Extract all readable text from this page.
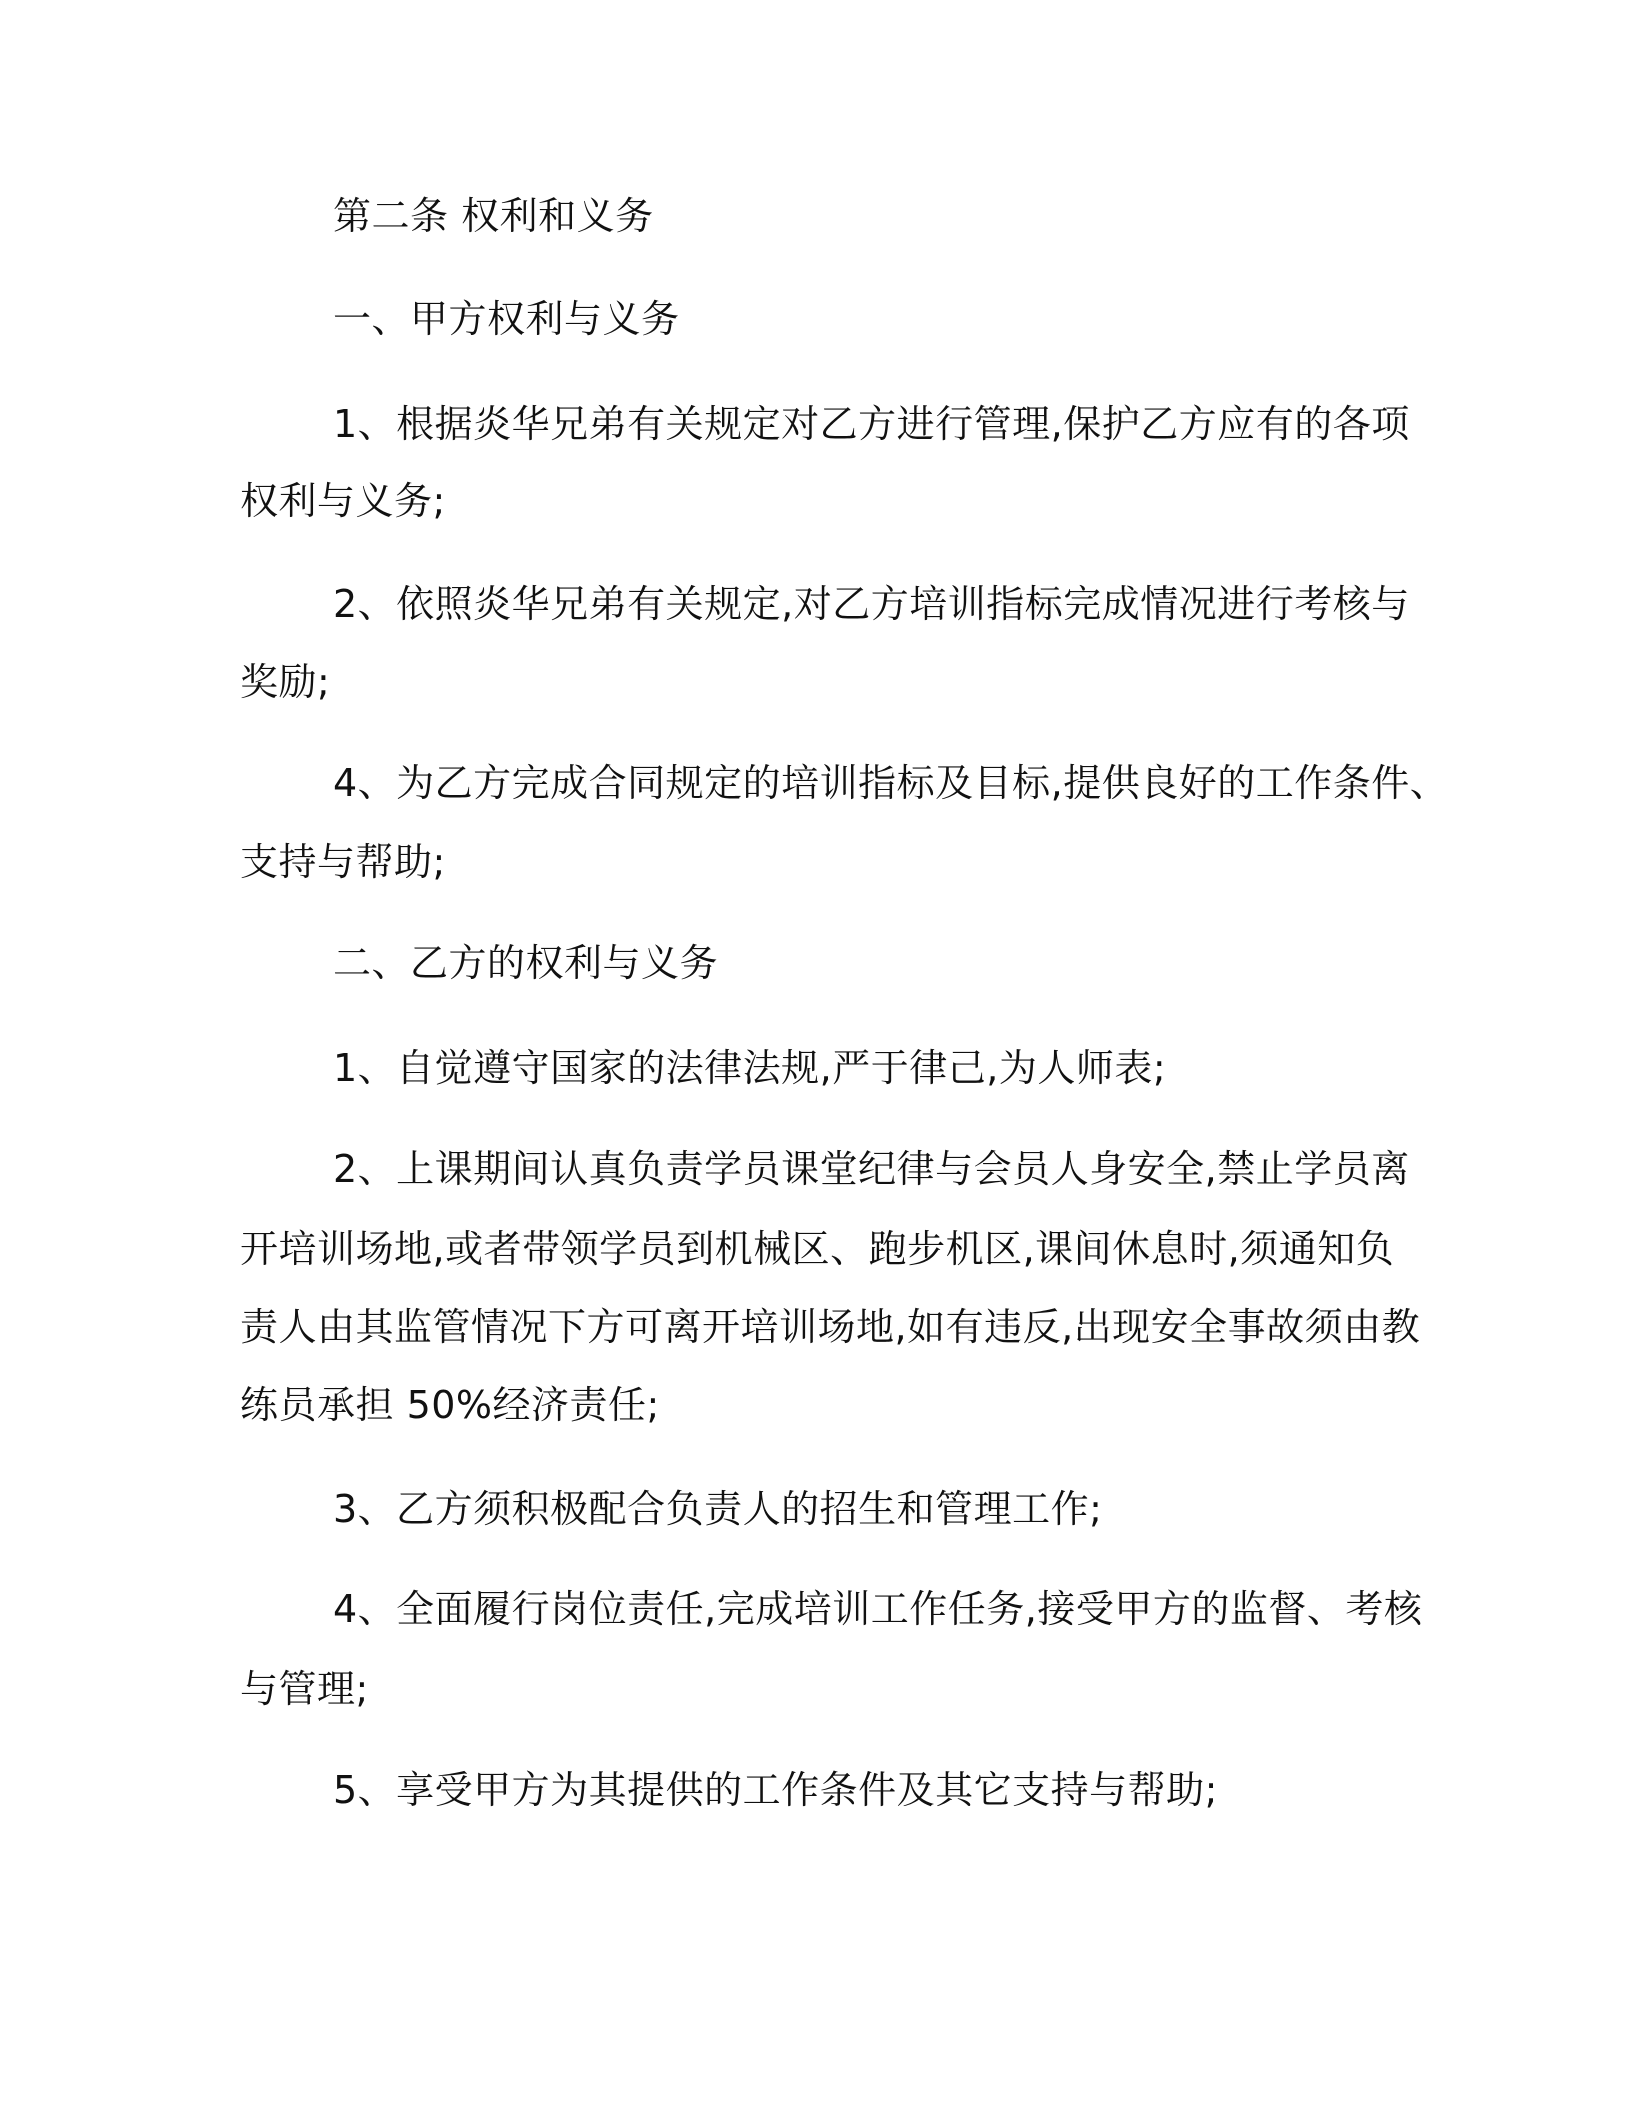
第二条 权利和义务
一、甲方权利与义务
1、根据炎华兄弟有关规定对乙方进行管理,保护乙方应有的各项
权利与义务;
2、依照炎华兄弟有关规定,对乙方培训指标完成情况进行考核与
奖励;
4、为乙方完成合同规定的培训指标及目标,提供良好的工作条件、
支持与帮助;
二、乙方的权利与义务
1、自觉遵守国家的法律法规,严于律己,为人师表;
2、上课期间认真负责学员课堂纪律与会员人身安全,禁止学员离
开培训场地,或者带领学员到机械区、跑步机区,课间休息时,须通知负
责人由其监管情况下方可离开培训场地,如有违反,出现安全事故须由教
练员承担 50%经济责任;
3、乙方须积极配合负责人的招生和管理工作;
4、全面履行岗位责任,完成培训工作任务,接受甲方的监督、考核
与管理;
5、享受甲方为其提供的工作条件及其它支持与帮助;
